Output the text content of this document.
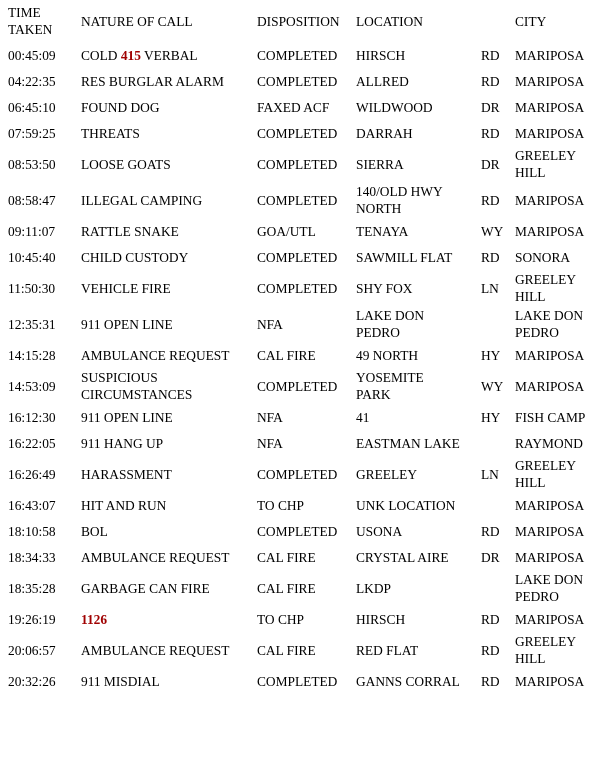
TIME
TAKEN	NATURE OF CALL	DISPOSITION	LOCATION		CITY
00:45:09	COLD 415 VERBAL	COMPLETED	HIRSCH	RD	MARIPOSA
04:22:35	RES BURGLAR ALARM	COMPLETED	ALLRED	RD	MARIPOSA
06:45:10	FOUND DOG	FAXED ACF	WILDWOOD	DR	MARIPOSA
07:59:25	THREATS	COMPLETED	DARRAH	RD	MARIPOSA
08:53:50	LOOSE GOATS	COMPLETED	SIERRA	DR	GREELEY
HILL
08:58:47	ILLEGAL CAMPING	COMPLETED	140/OLD HWY
NORTH	RD	MARIPOSA
09:11:07	RATTLE SNAKE	GOA/UTL	TENAYA	WY	MARIPOSA
10:45:40	CHILD CUSTODY	COMPLETED	SAWMILL FLAT	RD	SONORA
11:50:30	VEHICLE FIRE	COMPLETED	SHY FOX	LN	GREELEY
HILL
12:35:31	911 OPEN LINE	NFA	LAKE DON
PEDRO		LAKE DON
PEDRO
14:15:28	AMBULANCE REQUEST	CAL FIRE	49 NORTH	HY	MARIPOSA
14:53:09	SUSPICIOUS
CIRCUMSTANCES	COMPLETED	YOSEMITE
PARK	WY	MARIPOSA
16:12:30	911 OPEN LINE	NFA	41	HY	FISH CAMP
16:22:05	911 HANG UP	NFA	EASTMAN LAKE		RAYMOND
16:26:49	HARASSMENT	COMPLETED	GREELEY	LN	GREELEY
HILL
16:43:07	HIT AND RUN	TO CHP	UNK LOCATION		MARIPOSA
18:10:58	BOL	COMPLETED	USONA	RD	MARIPOSA
18:34:33	AMBULANCE REQUEST	CAL FIRE	CRYSTAL AIRE	DR	MARIPOSA
18:35:28	GARBAGE CAN FIRE	CAL FIRE	LKDP		LAKE DON
PEDRO
19:26:19	1126	TO CHP	HIRSCH	RD	MARIPOSA
20:06:57	AMBULANCE REQUEST	CAL FIRE	RED FLAT	RD	GREELEY
HILL
20:32:26	911 MISDIAL	COMPLETED	GANNS CORRAL	RD	MARIPOSA
